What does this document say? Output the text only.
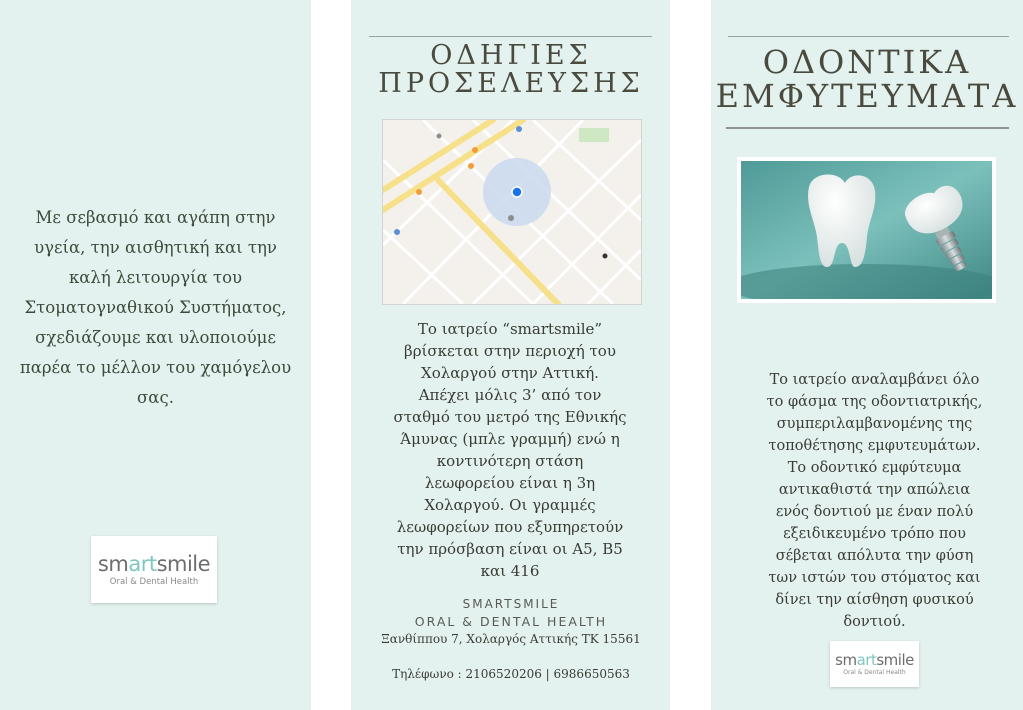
Με σεβασμό και αγάπη στην υγεία, την αισθητική και την καλή λειτουργία του Στοματογναθικού Συστήματος, σχεδιάζουμε και υλοποιούμε παρέα το μέλλον του χαμόγελου σας.
smartsmile
Oral & Dental Health
ΟΔΗΓΙΕΣ
ΠΡΟΣΕΛΕΥΣΗΣ

Το ιατρείο “smartsmile” βρίσκεται στην περιοχή του Χολαργού στην Αττική.

Απέχει μόλις 3’ από τον σταθμό του μετρό της Εθνικής Άμυνας (μπλε γραμμή) ενώ η κοντινότερη στάση λεωφορείου είναι η 3η Χολαργού. Οι γραμμές λεωφορείων που εξυπηρετούν την πρόσβαση είναι οι Α5, Β5 και 416

SMARTSMILE
ORAL & DENTAL HEALTH
Ξανθίππου 7, Χολαργός Αττικής ΤΚ 15561
Τηλέφωνο : 2106520206 | 6986650563
ΟΔΟΝΤΙΚΑ
ΕΜΦΥΤΕΥΜΑΤΑ
Το ιατρείο αναλαμβάνει όλο το φάσμα της οδοντιατρικής, συμπεριλαμβανομένης της τοποθέτησης εμφυτευμάτων. Το οδοντικό εμφύτευμα αντικαθιστά την απώλεια ενός δοντιού με έναν πολύ εξειδικευμένο τρόπο που σέβεται απόλυτα την φύση των ιστών του στόματος και δίνει την αίσθηση φυσικού δοντιού.
smartsmile
Oral & Dental Health
